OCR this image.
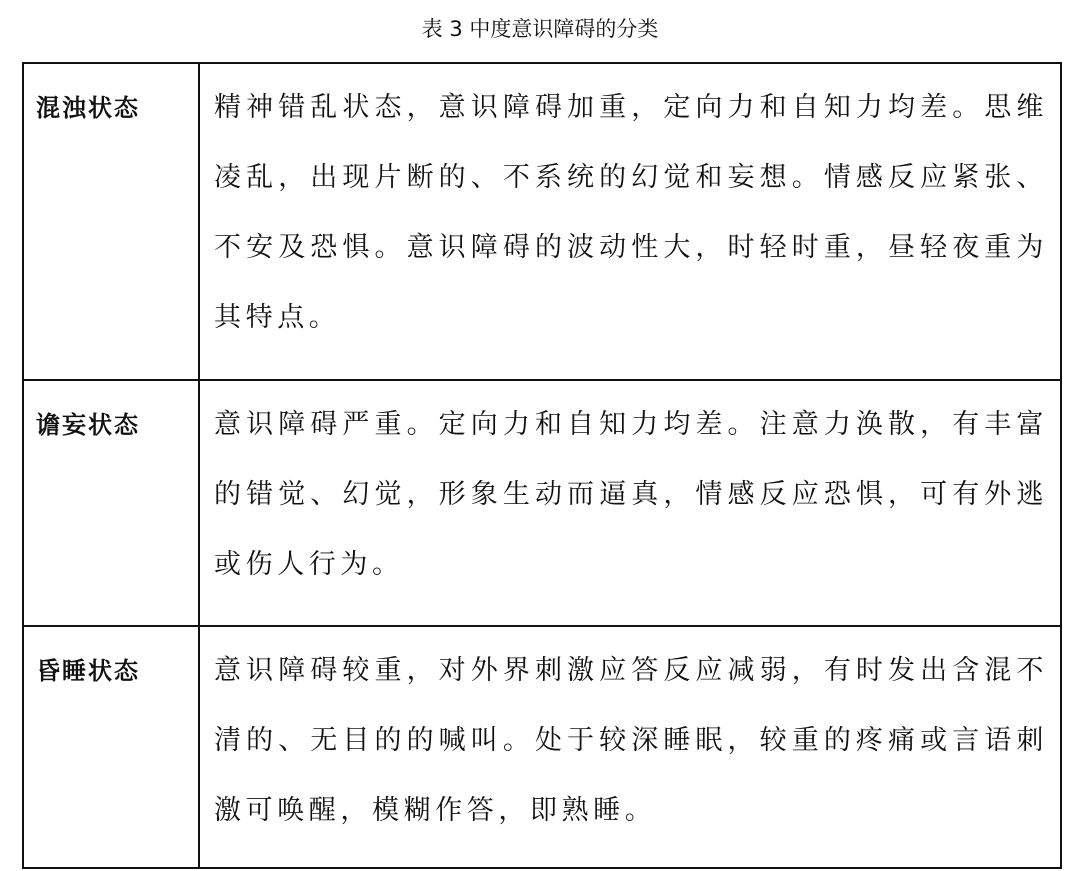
表 3 中度意识障碍的分类
混浊状态	精神错乱状态，意识障碍加重，定向力和自知力均差。思维凌乱，出现片断的、不系统的幻觉和妄想。情感反应紧张、不安及恐惧。意识障碍的波动性大，时轻时重，昼轻夜重为其特点。

谵妄状态	意识障碍严重。定向力和自知力均差。注意力涣散，有丰富的错觉、幻觉，形象生动而逼真，情感反应恐惧，可有外逃或伤人行为。

昏睡状态	意识障碍较重，对外界刺激应答反应减弱，有时发出含混不清的、无目的的喊叫。处于较深睡眠，较重的疼痛或言语刺激可唤醒，模糊作答，即熟睡。
